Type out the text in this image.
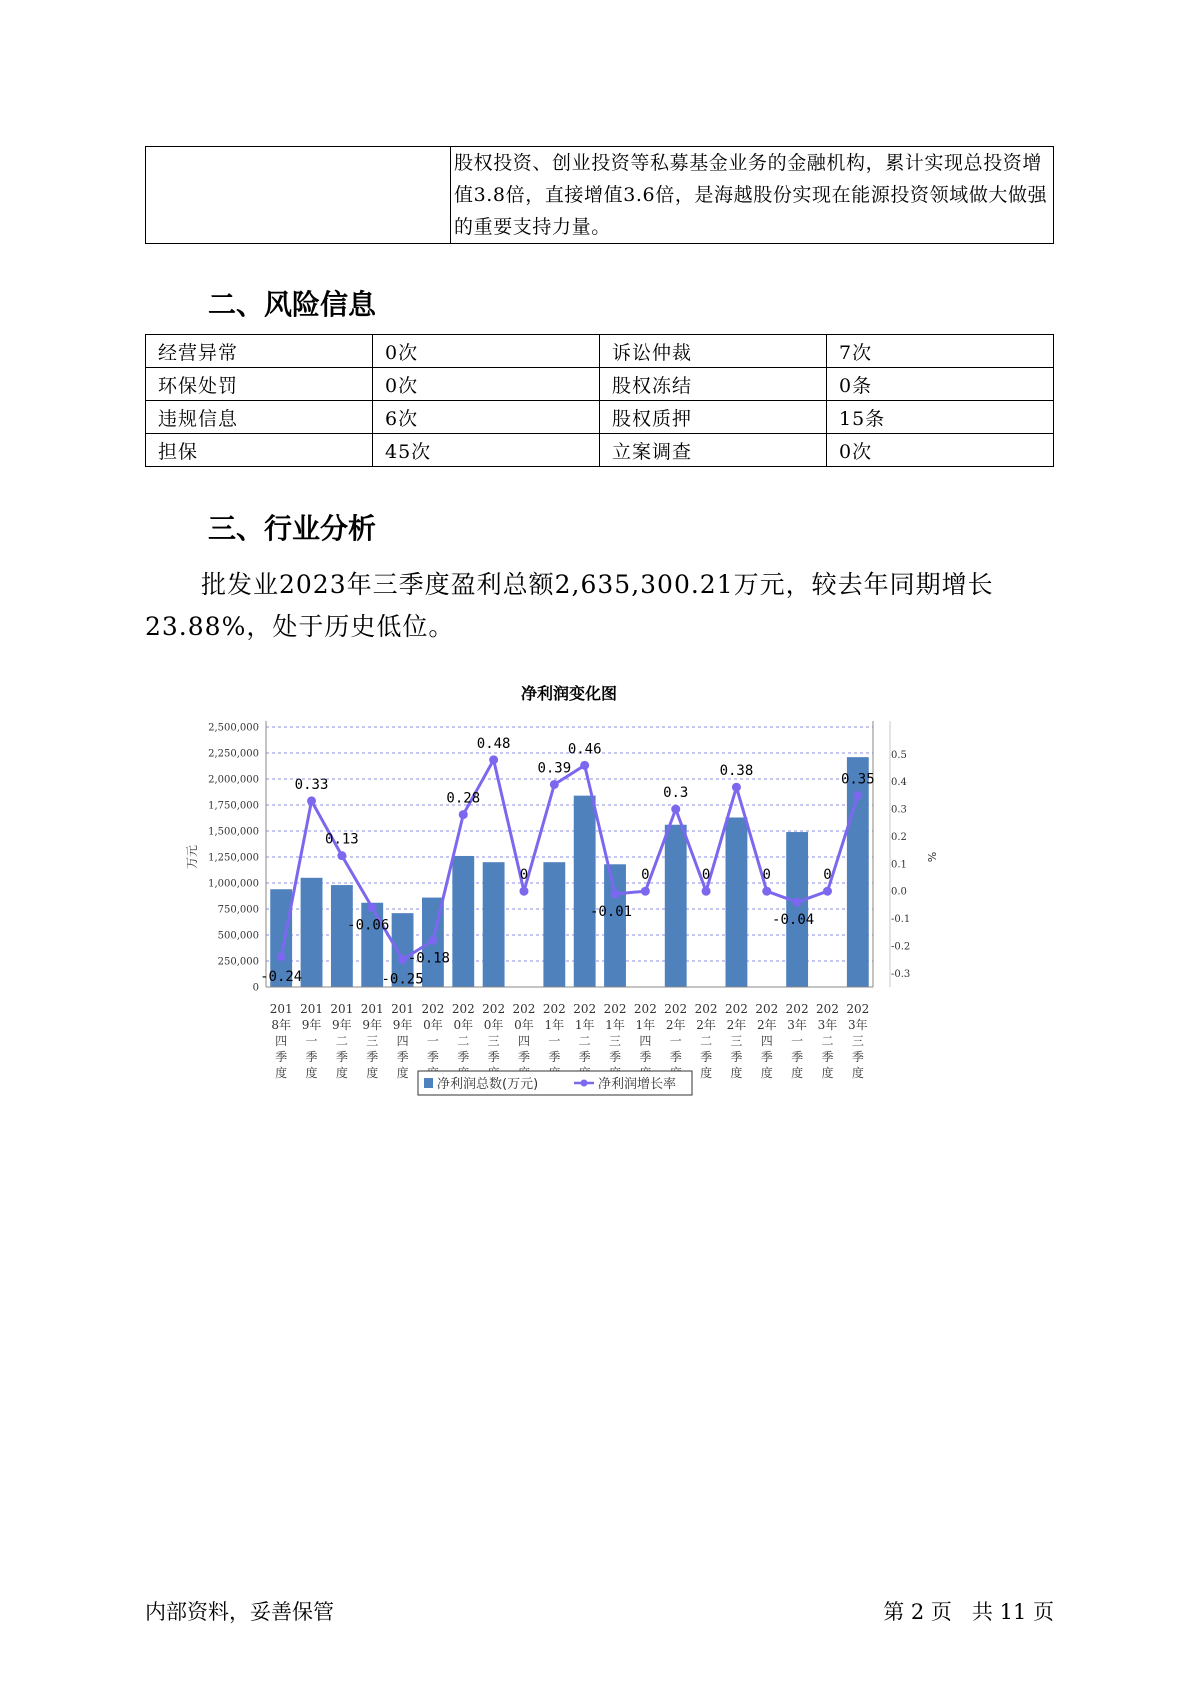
股权投资、创业投资等私募基金业务的金融机构，累计实现总投资增值3.8倍，直接增值3.6倍，是海越股份实现在能源投资领域做大做强的重要支持力量。
二、风险信息
经营异常	0次	诉讼仲裁	7次
环保处罚	0次	股权冻结	0条
违规信息	6次	股权质押	15条
担保	45次	立案调查	0次
三、行业分析
批发业2023年三季度盈利总额2,635,300.21万元，较去年同期增长23.88%，处于历史低位。
净利润变化图
0
250,000
500,000
750,000
1,000,000
1,250,000
1,500,000
1,750,000
2,000,000
2,250,000
2,500,000
-0.3
-0.2
-0.1
0.0
0.1
0.2
0.3
0.4
0.5
万元	%
201 8年四季度
201 9年一季度
201 9年二季度
201 9年三季度
201 9年四季度
202 0年一季
202 0年二季
202 0年三季
202 0年四季
202 1年一季
202 1年二季
202 1年三季
202 1年四季
202 2年一季
202 2年二季度
202 2年三季度
202 2年四季度
202 3年一季度
202 3年二季度
202 3年三季度
-0.24
0.33
0.13
-0.06
-0.25
-0.18
0.28
0.48
0
0.39
0.46
-0.01
0
0.3
0
0.38
0
-0.04
0
0.35
净利润总数(万元)	净利润增长率
内部资料，妥善保管	第 2 页   共 11 页
